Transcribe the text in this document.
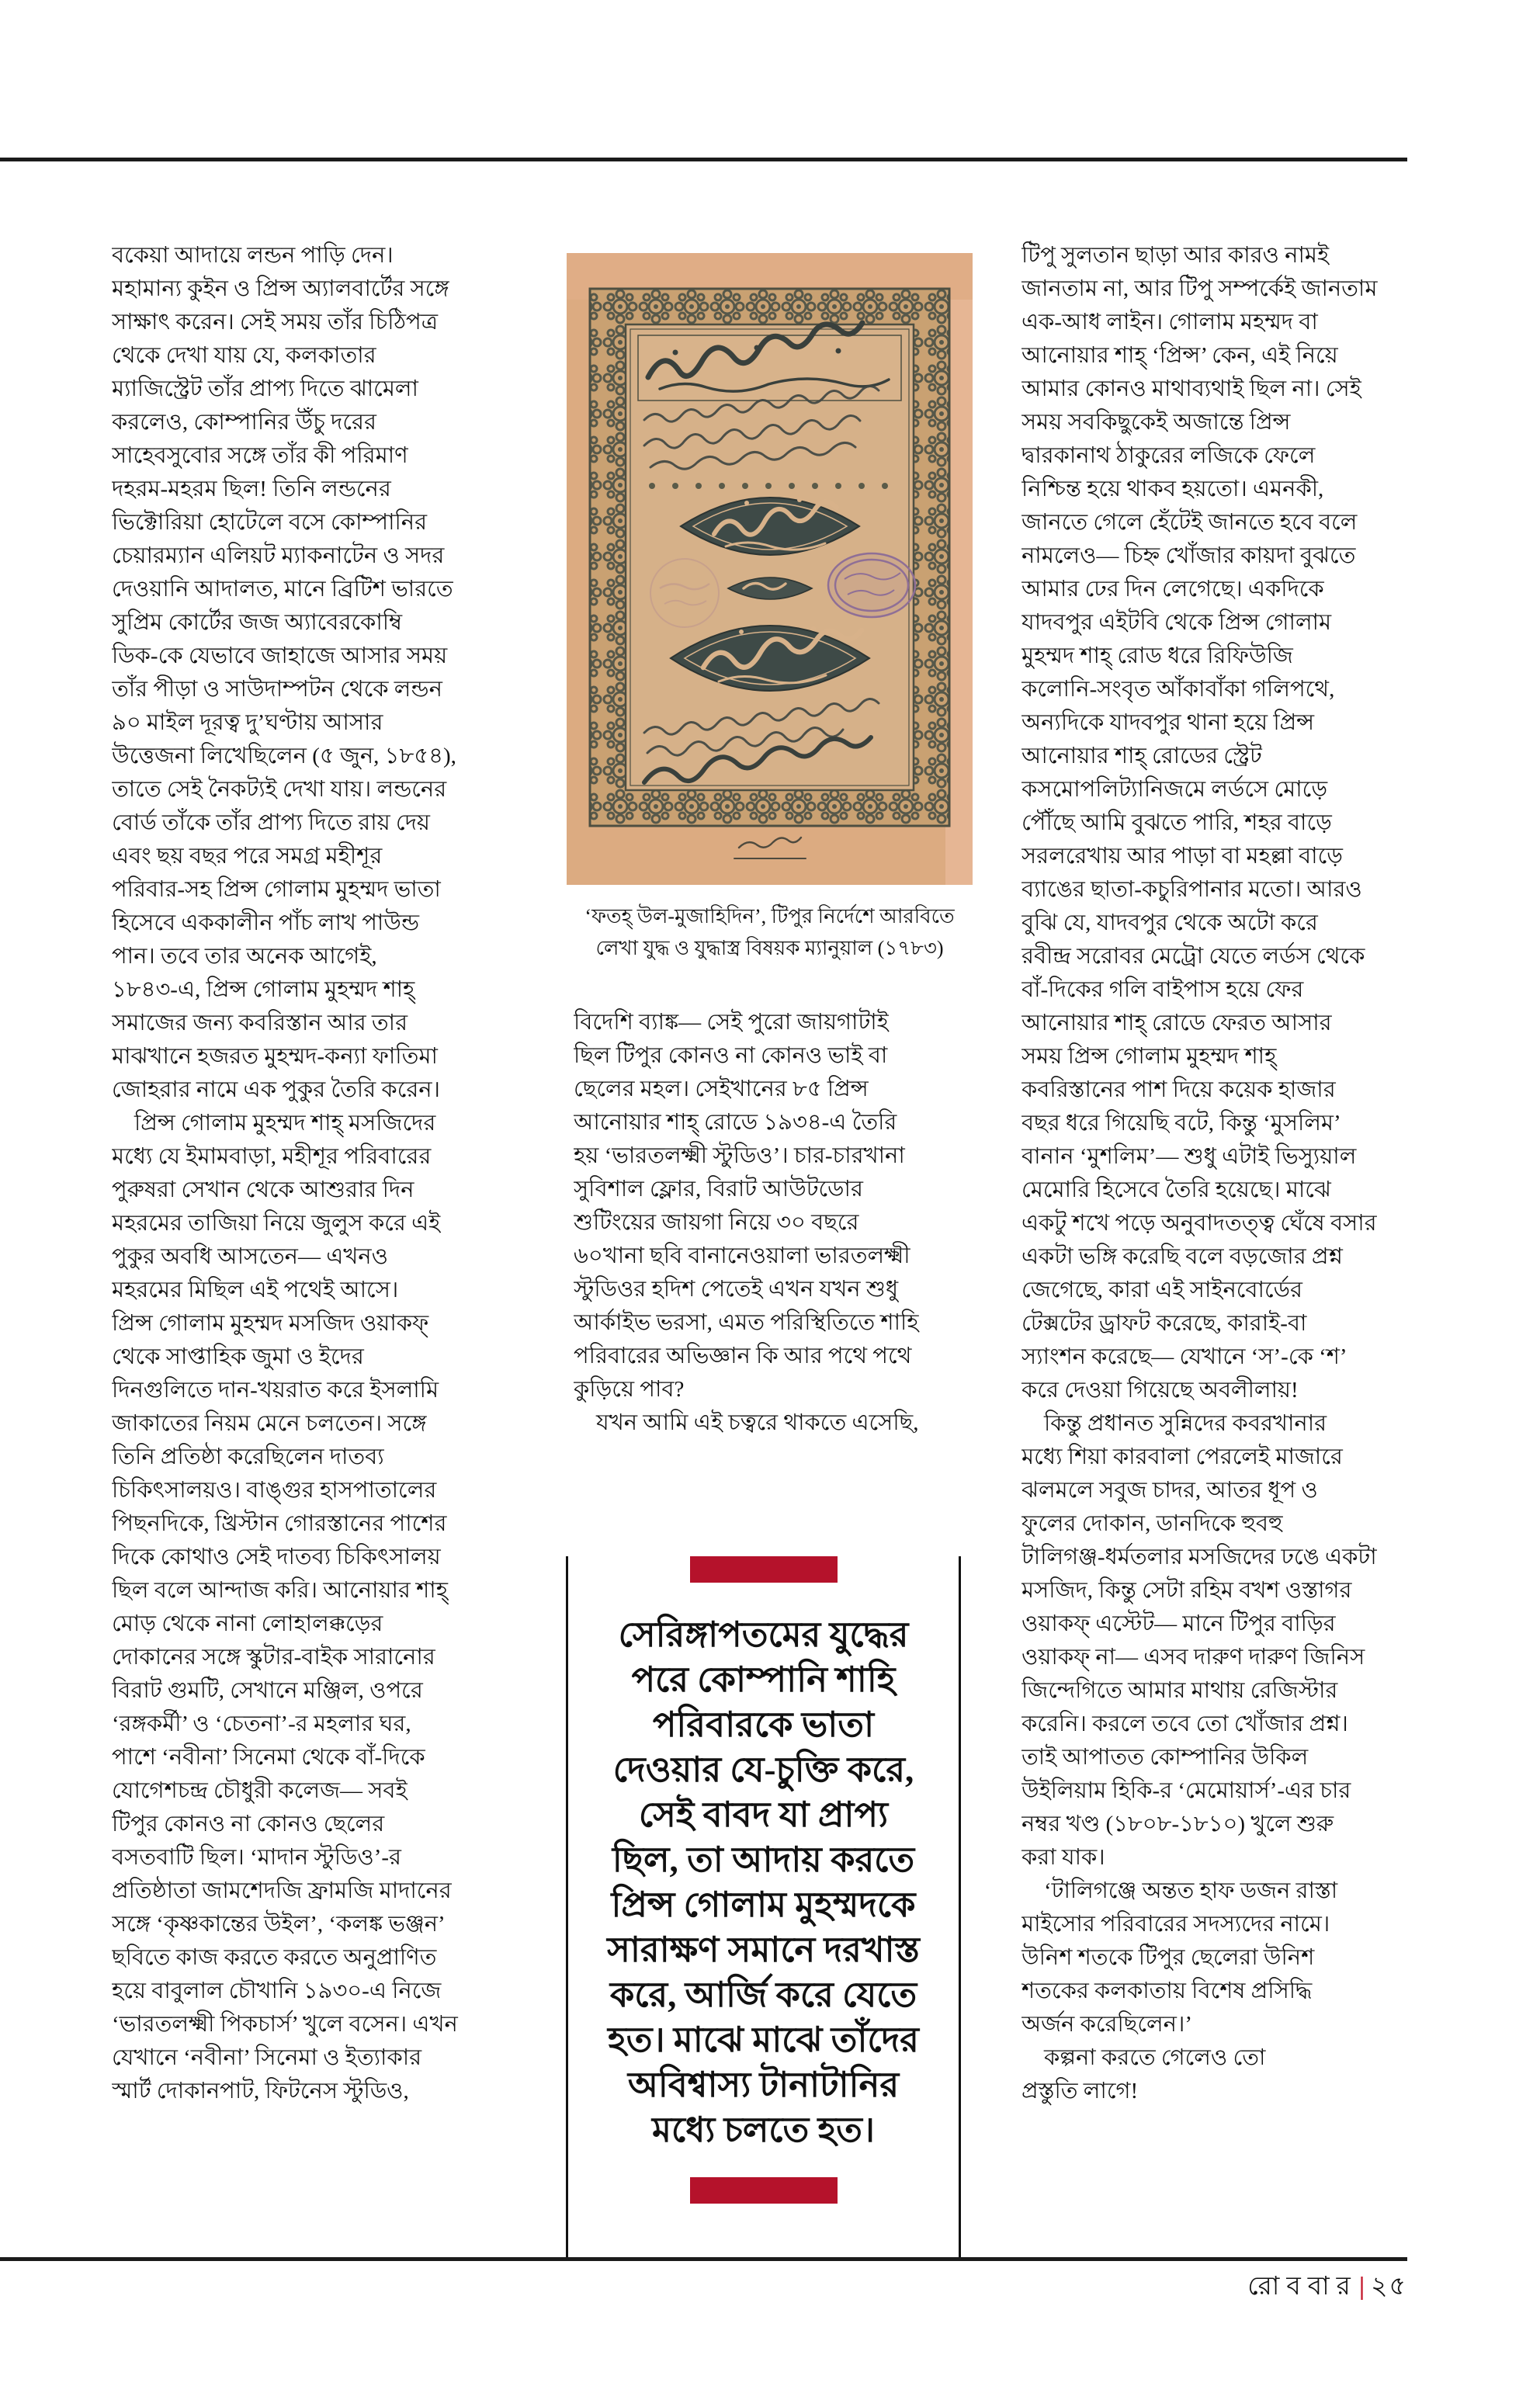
বকেয়া আদায়ে লন্ডন পাড়ি দেন।

মহামান্য কুইন ও প্রিন্স অ্যালবার্টের সঙ্গে

সাক্ষাৎ করেন। সেই সময় তাঁর চিঠিপত্র

থেকে দেখা যায় যে, কলকাতার

ম্যাজিস্ট্রেট তাঁর প্রাপ্য দিতে ঝামেলা

করলেও, কোম্পানির উঁচু দরের

সাহেবসুবোর সঙ্গে তাঁর কী পরিমাণ

দহরম-মহরম ছিল! তিনি লন্ডনের

ভিক্টোরিয়া হোটেলে বসে কোম্পানির

চেয়ারম্যান এলিয়ট ম্যাকনাটেন ও সদর

দেওয়ানি আদালত, মানে ব্রিটিশ ভারতে

সুপ্রিম কোর্টের জজ অ্যাবেরকোম্বি

ডিক-কে যেভাবে জাহাজে আসার সময়

তাঁর পীড়া ও সাউদাম্পটন থেকে লন্ডন

৯০ মাইল দূরত্ব দু’ঘণ্টায় আসার

উত্তেজনা লিখেছিলেন (৫ জুন, ১৮৫৪),

তাতে সেই নৈকট্যই দেখা যায়। লন্ডনের

বোর্ড তাঁকে তাঁর প্রাপ্য দিতে রায় দেয়

এবং ছয় বছর পরে সমগ্র মহীশূর

পরিবার-সহ প্রিন্স গোলাম মুহম্মদ ভাতা

হিসেবে এককালীন পাঁচ লাখ পাউন্ড

পান। তবে তার অনেক আগেই,

১৮৪৩-এ, প্রিন্স গোলাম মুহম্মদ শাহ্

সমাজের জন্য কবরিস্তান আর তার

মাঝখানে হজরত মুহম্মদ-কন্যা ফাতিমা

জোহরার নামে এক পুকুর তৈরি করেন।

 প্রিন্স গোলাম মুহম্মদ শাহ্ মসজিদের

মধ্যে যে ইমামবাড়া, মহীশূর পরিবারের

পুরুষরা সেখান থেকে আশুরার দিন

মহরমের তাজিয়া নিয়ে জুলুস করে এই

পুকুর অবধি আসতেন— এখনও

মহরমের মিছিল এই পথেই আসে।

প্রিন্স গোলাম মুহম্মদ মসজিদ ওয়াকফ্

থেকে সাপ্তাহিক জুমা ও ইদের

দিনগুলিতে দান-খয়রাত করে ইসলামি

জাকাতের নিয়ম মেনে চলতেন। সঙ্গে

তিনি প্রতিষ্ঠা করেছিলেন দাতব্য

চিকিৎসালয়ও। বাঙ্গুর হাসপাতালের

পিছনদিকে, খ্রিস্টান গোরস্তানের পাশের

দিকে কোথাও সেই দাতব্য চিকিৎসালয়

ছিল বলে আন্দাজ করি। আনোয়ার শাহ্

মোড় থেকে নানা লোহালক্কড়ের

দোকানের সঙ্গে স্কুটার-বাইক সারানোর

বিরাট গুমটি, সেখানে মঞ্জিল, ওপরে

‘রঙ্গকর্মী’ ও ‘চেতনা’-র মহলার ঘর,

পাশে ‘নবীনা’ সিনেমা থেকে বাঁ-দিকে

যোগেশচন্দ্র চৌধুরী কলেজ— সবই

টিপুর কোনও না কোনও ছেলের

বসতবাটি ছিল। ‘মাদান স্টুডিও’-র

প্রতিষ্ঠাতা জামশেদজি ফ্রামজি মাদানের

সঙ্গে ‘কৃষ্ণকান্তের উইল’, ‘কলঙ্ক ভঞ্জন’

ছবিতে কাজ করতে করতে অনুপ্রাণিত

হয়ে বাবুলাল চৌখানি ১৯৩০-এ নিজে

‘ভারতলক্ষ্মী পিকচার্স’ খুলে বসেন। এখন

যেখানে ‘নবীনা’ সিনেমা ও ইত্যাকার

স্মার্ট দোকানপাট, ফিটনেস স্টুডিও,

‘ফতহ্ উল-মুজাহিদিন’, টিপুর নির্দেশে আরবিতে

লেখা যুদ্ধ ও যুদ্ধাস্ত্র বিষয়ক ম্যানুয়াল (১৭৮৩)

বিদেশি ব্যাঙ্ক— সেই পুরো জায়গাটাই

ছিল টিপুর কোনও না কোনও ভাই বা

ছেলের মহল। সেইখানের ৮৫ প্রিন্স

আনোয়ার শাহ্ রোডে ১৯৩৪-এ তৈরি

হয় ‘ভারতলক্ষ্মী স্টুডিও’। চার-চারখানা

সুবিশাল ফ্লোর, বিরাট আউটডোর

শুটিংয়ের জায়গা নিয়ে ৩০ বছরে

৬০খানা ছবি বানানেওয়ালা ভারতলক্ষ্মী

স্টুডিওর হদিশ পেতেই এখন যখন শুধু

আর্কাইভ ভরসা, এমত পরিস্থিতিতে শাহি

পরিবারের অভিজ্ঞান কি আর পথে পথে

কুড়িয়ে পাব?

 যখন আমি এই চত্বরে থাকতে এসেছি,

সেরিঙ্গাপতমের যুদ্ধের

পরে কোম্পানি শাহি

পরিবারকে ভাতা

দেওয়ার যে-চুক্তি করে,

সেই বাবদ যা প্রাপ্য

ছিল, তা আদায় করতে

প্রিন্স গোলাম মুহম্মদকে

সারাক্ষণ সমানে দরখাস্ত

করে, আর্জি করে যেতে

হত। মাঝে মাঝে তাঁদের

অবিশ্বাস্য টানাটানির

মধ্যে চলতে হত।

টিপু সুলতান ছাড়া আর কারও নামই

জানতাম না, আর টিপু সম্পর্কেই জানতাম

এক-আধ লাইন। গোলাম মহম্মদ বা

আনোয়ার শাহ্ ‘প্রিন্স’ কেন, এই নিয়ে

আমার কোনও মাথাব্যথাই ছিল না। সেই

সময় সবকিছুকেই অজান্তে প্রিন্স

দ্বারকানাথ ঠাকুরের লজিকে ফেলে

নিশ্চিন্ত হয়ে থাকব হয়তো। এমনকী,

জানতে গেলে হেঁটেই জানতে হবে বলে

নামলেও— চিহ্ন খোঁজার কায়দা বুঝতে

আমার ঢের দিন লেগেছে। একদিকে

যাদবপুর এইটবি থেকে প্রিন্স গোলাম

মুহম্মদ শাহ্ রোড ধরে রিফিউজি

কলোনি-সংবৃত আঁকাবাঁকা গলিপথে,

অন্যদিকে যাদবপুর থানা হয়ে প্রিন্স

আনোয়ার শাহ্ রোডের স্ট্রেট

কসমোপলিট্যানিজমে লর্ডসে মোড়ে

পৌঁছে আমি বুঝতে পারি, শহর বাড়ে

সরলরেখায় আর পাড়া বা মহল্লা বাড়ে

ব্যাঙের ছাতা-কচুরিপানার মতো। আরও

বুঝি যে, যাদবপুর থেকে অটো করে

রবীন্দ্র সরোবর মেট্রো যেতে লর্ডস থেকে

বাঁ-দিকের গলি বাইপাস হয়ে ফের

আনোয়ার শাহ্ রোডে ফেরত আসার

সময় প্রিন্স গোলাম মুহম্মদ শাহ্

কবরিস্তানের পাশ দিয়ে কয়েক হাজার

বছর ধরে গিয়েছি বটে, কিন্তু ‘মুসলিম’

বানান ‘মুশলিম’— শুধু এটাই ভিস্যুয়াল

মেমোরি হিসেবে তৈরি হয়েছে। মাঝে

একটু শখে পড়ে অনুবাদতত্ত্ব ঘেঁষে বসার

একটা ভঙ্গি করেছি বলে বড়জোর প্রশ্ন

জেগেছে, কারা এই সাইনবোর্ডের

টেক্সটের ড্রাফট করেছে, কারাই-বা

স্যাংশন করেছে— যেখানে ‘স’-কে ‘শ’

করে দেওয়া গিয়েছে অবলীলায়!

 কিন্তু প্রধানত সুন্নিদের কবরখানার

মধ্যে শিয়া কারবালা পেরলেই মাজারে

ঝলমলে সবুজ চাদর, আতর ধূপ ও

ফুলের দোকান, ডানদিকে হুবহু

টালিগঞ্জ-ধর্মতলার মসজিদের ঢঙে একটা

মসজিদ, কিন্তু সেটা রহিম বখশ ওস্তাগর

ওয়াকফ্ এস্টেট— মানে টিপুর বাড়ির

ওয়াকফ্ না— এসব দারুণ দারুণ জিনিস

জিন্দেগিতে আমার মাথায় রেজিস্টার

করেনি। করলে তবে তো খোঁজার প্রশ্ন।

তাই আপাতত কোম্পানির উকিল

উইলিয়াম হিকি-র ‘মেমোয়ার্স’-এর চার

নম্বর খণ্ড (১৮০৮-১৮১০) খুলে শুরু

করা যাক।

 ‘টালিগঞ্জে অন্তত হাফ ডজন রাস্তা

মাইসোর পরিবারের সদস্যদের নামে।

উনিশ শতকে টিপুর ছেলেরা উনিশ

শতকের কলকাতায় বিশেষ প্রসিদ্ধি

অর্জন করেছিলেন।’

 কল্পনা করতে গেলেও তো

প্রস্তুতি লাগে!

রোববার| ২৫
